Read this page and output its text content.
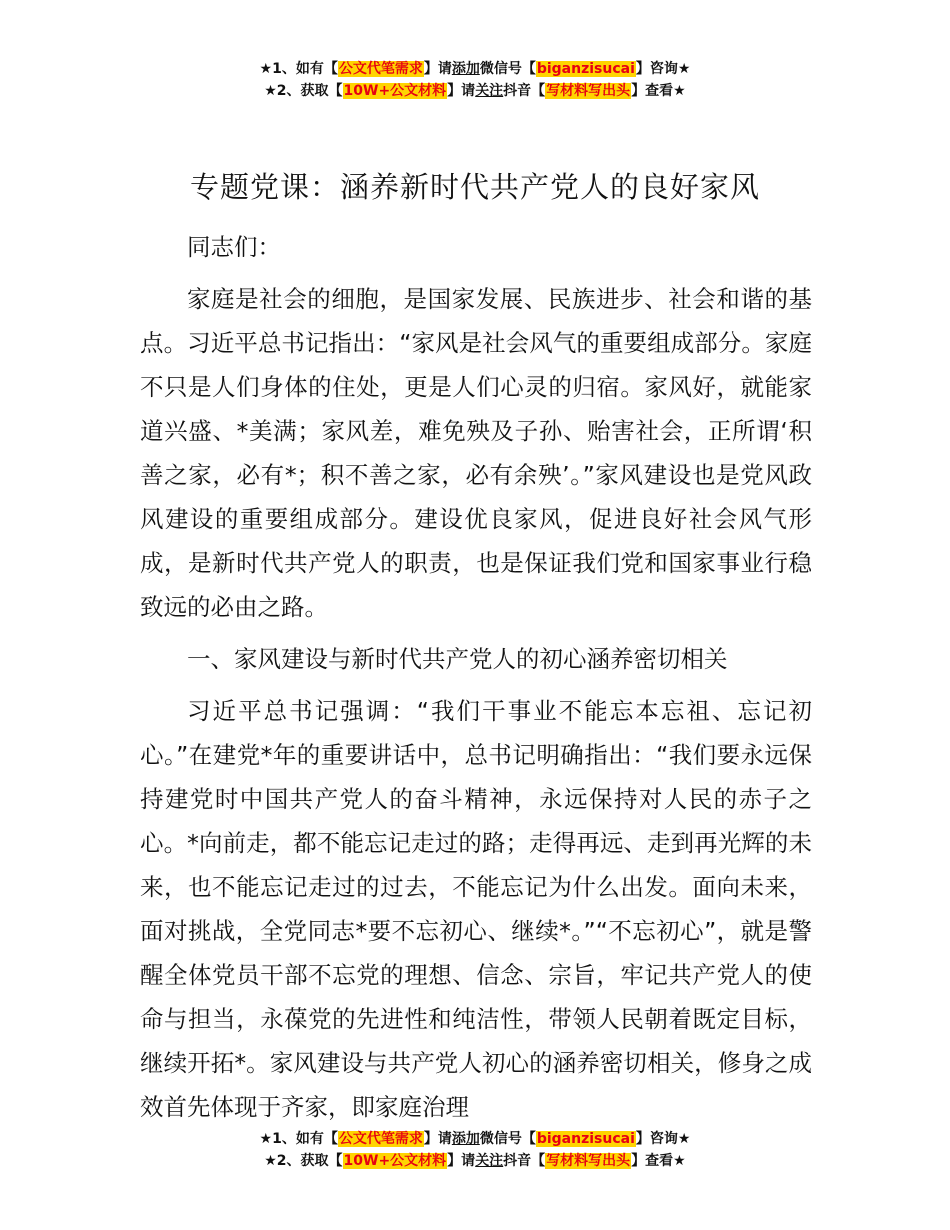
★1、如有【公文代笔需求】请添加微信号【biganzisucai】咨询★
★2、获取【10W+公文材料】请关注抖音【写材料写出头】查看★
专题党课：涵养新时代共产党人的良好家风

同志们：

家庭是社会的细胞，是国家发展、民族进步、社会和谐的基点。习近平总书记指出：“家风是社会风气的重要组成部分。家庭不只是人们身体的住处，更是人们心灵的归宿。家风好，就能家道兴盛、*美满；家风差，难免殃及子孙、贻害社会，正所谓‘积善之家，必有*；积不善之家，必有余殃’。”家风建设也是党风政风建设的重要组成部分。建设优良家风，促进良好社会风气形成，是新时代共产党人的职责，也是保证我们党和国家事业行稳致远的必由之路。

一、家风建设与新时代共产党人的初心涵养密切相关

习近平总书记强调：“我们干事业不能忘本忘祖、忘记初心。”在建党*年的重要讲话中，总书记明确指出：“我们要永远保持建党时中国共产党人的奋斗精神，永远保持对人民的赤子之心。*向前走，都不能忘记走过的路；走得再远、走到再光辉的未来，也不能忘记走过的过去，不能忘记为什么出发。面向未来，面对挑战，全党同志*要不忘初心、继续*。”“不忘初心”，就是警醒全体党员干部不忘党的理想、信念、宗旨，牢记共产党人的使命与担当，永葆党的先进性和纯洁性，带领人民朝着既定目标，继续开拓*。家风建设与共产党人初心的涵养密切相关，修身之成效首先体现于齐家，即家庭治理

★1、如有【公文代笔需求】请添加微信号【biganzisucai】咨询★
★2、获取【10W+公文材料】请关注抖音【写材料写出头】查看★
